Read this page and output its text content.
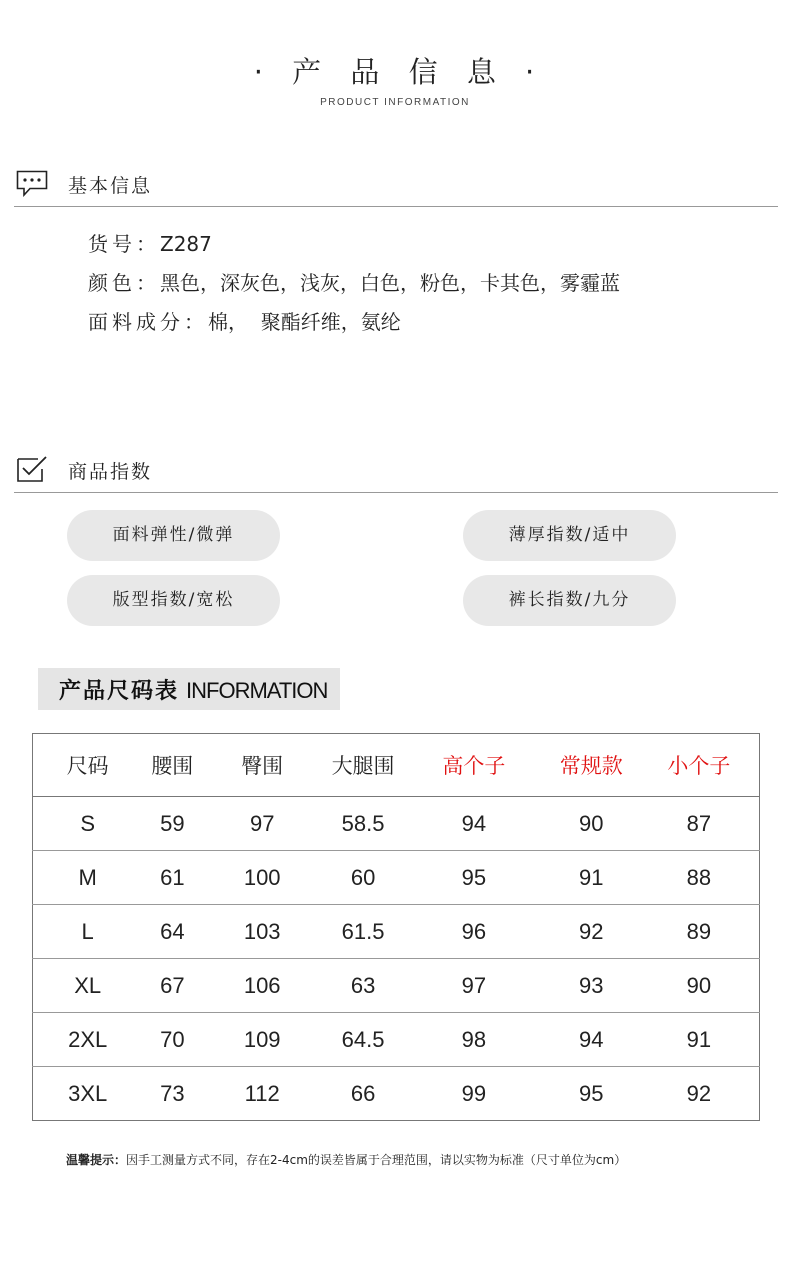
· 产 品 信 息 ·
PRODUCT INFORMATION
基本信息
货号：Z287
颜色：黑色，深灰色，浅灰，白色，粉色，卡其色，雾霾蓝
面料成分：棉，  聚酯纤维，氨纶
商品指数
面料弹性/微弹	薄厚指数/适中
版型指数/宽松	裤长指数/九分
产品尺码表 INFORMATION
尺码	腰围	臀围	大腿围	高个子	常规款	小个子
S	59	97	58.5	94	90	87
M	61	100	60	95	91	88
L	64	103	61.5	96	92	89
XL	67	106	63	97	93	90
2XL	70	109	64.5	98	94	91
3XL	73	112	66	99	95	92
温馨提示：因手工测量方式不同，存在2-4cm的误差皆属于合理范围，请以实物为标准（尺寸单位为cm）
